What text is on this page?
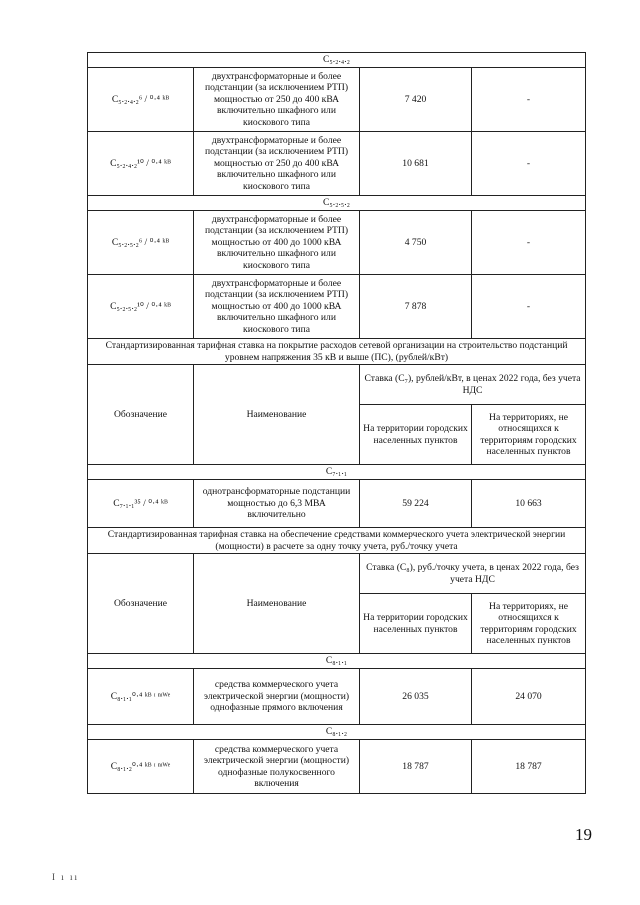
C₅.₂.₄.₂			
C₅.₂.₄.₂⁶ / ⁰·⁴ ᵏᴮ	двухтрансформаторные и более подстанции (за исключением РТП) мощностью от 250 до 400 кВА включительно шкафного или киоскового типа	7 420	-
C₅.₂.₄.₂¹⁰ / ⁰·⁴ ᵏᴮ	двухтрансформаторные и более подстанции (за исключением РТП) мощностью от 250 до 400 кВА включительно шкафного или киоскового типа	10 681	-
C₅.₂.₅.₂			
C₅.₂.₅.₂⁶ / ⁰·⁴ ᵏᴮ	двухтрансформаторные и более подстанции (за исключением РТП) мощностью от 400 до 1000 кВА включительно шкафного или киоскового типа	4 750	-
C₅.₂.₅.₂¹⁰ / ⁰·⁴ ᵏᴮ	двухтрансформаторные и более подстанции (за исключением РТП) мощностью от 400 до 1000 кВА включительно шкафного или киоскового типа	7 878	-
Стандартизированная тарифная ставка на покрытие расходов сетевой организации на строительство подстанций уровнем напряжения 35 кВ и выше (ПС), (рублей/кВт)			
Обозначение	Наименование	Ставка (C₇), рублей/кВт, в ценах 2022 года, без учета НДС	
		На территории городских населенных пунктов	На территориях, не относящихся к территориям городских населенных пунктов
C₇.₁.₁			
C₇.₁.₁³⁵ / ⁰·⁴ ᵏᴮ	однотрансформаторные подстанции мощностью до 6,3 МВА включительно	59 224	10 663
Стандартизированная тарифная ставка на обеспечение средствами коммерческого учета электрической энергии (мощности) в расчете за одну точку учета, руб./точку учета			
Обозначение	Наименование	Ставка (C₈), руб./точку учета, в ценах 2022 года, без учета НДС	
		На территории городских населенных пунктов	На территориях, не относящихся к территориям городских населенных пунктов
C₈.₁.₁			
C₈.₁.₁⁰·⁴ ᵏᴮ ᶦ ⁿᶦᵂᵉ	средства коммерческого учета электрической энергии (мощности) однофазные прямого включения	26 035	24 070
C₈.₁.₂			
C₈.₁.₂⁰·⁴ ᵏᴮ ᶦ ⁿᶦᵂᵉ	средства коммерческого учета электрической энергии (мощности) однофазные полукосвенного включения	18 787	18 787
19
I ı ıı
